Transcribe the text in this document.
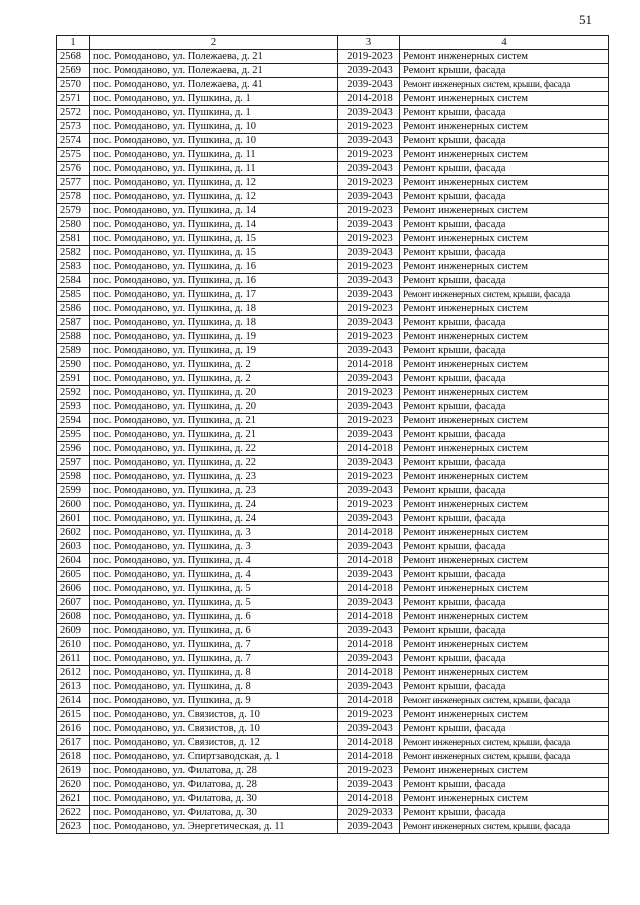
51
1	2	3	4
2568	пос. Ромоданово, ул. Полежаева, д. 21	2019-2023	Ремонт инженерных систем
2569	пос. Ромоданово, ул. Полежаева, д. 21	2039-2043	Ремонт крыши, фасада
2570	пос. Ромоданово, ул. Полежаева, д. 41	2039-2043	Ремонт инженерных систем, крыши, фасада
2571	пос. Ромоданово, ул. Пушкина, д. 1	2014-2018	Ремонт инженерных систем
2572	пос. Ромоданово, ул. Пушкина, д. 1	2039-2043	Ремонт крыши, фасада
2573	пос. Ромоданово, ул. Пушкина, д. 10	2019-2023	Ремонт инженерных систем
2574	пос. Ромоданово, ул. Пушкина, д. 10	2039-2043	Ремонт крыши, фасада
2575	пос. Ромоданово, ул. Пушкина, д. 11	2019-2023	Ремонт инженерных систем
2576	пос. Ромоданово, ул. Пушкина, д. 11	2039-2043	Ремонт крыши, фасада
2577	пос. Ромоданово, ул. Пушкина, д. 12	2019-2023	Ремонт инженерных систем
2578	пос. Ромоданово, ул. Пушкина, д. 12	2039-2043	Ремонт крыши, фасада
2579	пос. Ромоданово, ул. Пушкина, д. 14	2019-2023	Ремонт инженерных систем
2580	пос. Ромоданово, ул. Пушкина, д. 14	2039-2043	Ремонт крыши, фасада
2581	пос. Ромоданово, ул. Пушкина, д. 15	2019-2023	Ремонт инженерных систем
2582	пос. Ромоданово, ул. Пушкина, д. 15	2039-2043	Ремонт крыши, фасада
2583	пос. Ромоданово, ул. Пушкина, д. 16	2019-2023	Ремонт инженерных систем
2584	пос. Ромоданово, ул. Пушкина, д. 16	2039-2043	Ремонт крыши, фасада
2585	пос. Ромоданово, ул. Пушкина, д. 17	2039-2043	Ремонт инженерных систем, крыши, фасада
2586	пос. Ромоданово, ул. Пушкина, д. 18	2019-2023	Ремонт инженерных систем
2587	пос. Ромоданово, ул. Пушкина, д. 18	2039-2043	Ремонт крыши, фасада
2588	пос. Ромоданово, ул. Пушкина, д. 19	2019-2023	Ремонт инженерных систем
2589	пос. Ромоданово, ул. Пушкина, д. 19	2039-2043	Ремонт крыши, фасада
2590	пос. Ромоданово, ул. Пушкина, д. 2	2014-2018	Ремонт инженерных систем
2591	пос. Ромоданово, ул. Пушкина, д. 2	2039-2043	Ремонт крыши, фасада
2592	пос. Ромоданово, ул. Пушкина, д. 20	2019-2023	Ремонт инженерных систем
2593	пос. Ромоданово, ул. Пушкина, д. 20	2039-2043	Ремонт крыши, фасада
2594	пос. Ромоданово, ул. Пушкина, д. 21	2019-2023	Ремонт инженерных систем
2595	пос. Ромоданово, ул. Пушкина, д. 21	2039-2043	Ремонт крыши, фасада
2596	пос. Ромоданово, ул. Пушкина, д. 22	2014-2018	Ремонт инженерных систем
2597	пос. Ромоданово, ул. Пушкина, д. 22	2039-2043	Ремонт крыши, фасада
2598	пос. Ромоданово, ул. Пушкина, д. 23	2019-2023	Ремонт инженерных систем
2599	пос. Ромоданово, ул. Пушкина, д. 23	2039-2043	Ремонт крыши, фасада
2600	пос. Ромоданово, ул. Пушкина, д. 24	2019-2023	Ремонт инженерных систем
2601	пос. Ромоданово, ул. Пушкина, д. 24	2039-2043	Ремонт крыши, фасада
2602	пос. Ромоданово, ул. Пушкина, д. 3	2014-2018	Ремонт инженерных систем
2603	пос. Ромоданово, ул. Пушкина, д. 3	2039-2043	Ремонт крыши, фасада
2604	пос. Ромоданово, ул. Пушкина, д. 4	2014-2018	Ремонт инженерных систем
2605	пос. Ромоданово, ул. Пушкина, д. 4	2039-2043	Ремонт крыши, фасада
2606	пос. Ромоданово, ул. Пушкина, д. 5	2014-2018	Ремонт инженерных систем
2607	пос. Ромоданово, ул. Пушкина, д. 5	2039-2043	Ремонт крыши, фасада
2608	пос. Ромоданово, ул. Пушкина, д. 6	2014-2018	Ремонт инженерных систем
2609	пос. Ромоданово, ул. Пушкина, д. 6	2039-2043	Ремонт крыши, фасада
2610	пос. Ромоданово, ул. Пушкина, д. 7	2014-2018	Ремонт инженерных систем
2611	пос. Ромоданово, ул. Пушкина, д. 7	2039-2043	Ремонт крыши, фасада
2612	пос. Ромоданово, ул. Пушкина, д. 8	2014-2018	Ремонт инженерных систем
2613	пос. Ромоданово, ул. Пушкина, д. 8	2039-2043	Ремонт крыши, фасада
2614	пос. Ромоданово, ул. Пушкина, д. 9	2014-2018	Ремонт инженерных систем, крыши, фасада
2615	пос. Ромоданово, ул. Связистов, д. 10	2019-2023	Ремонт инженерных систем
2616	пос. Ромоданово, ул. Связистов, д. 10	2039-2043	Ремонт крыши, фасада
2617	пос. Ромоданово, ул. Связистов, д. 12	2014-2018	Ремонт инженерных систем, крыши, фасада
2618	пос. Ромоданово, ул. Спиртзаводская, д. 1	2014-2018	Ремонт инженерных систем, крыши, фасада
2619	пос. Ромоданово, ул. Филатова, д. 28	2019-2023	Ремонт инженерных систем
2620	пос. Ромоданово, ул. Филатова, д. 28	2039-2043	Ремонт крыши, фасада
2621	пос. Ромоданово, ул. Филатова, д. 30	2014-2018	Ремонт инженерных систем
2622	пос. Ромоданово, ул. Филатова, д. 30	2029-2033	Ремонт крыши, фасада
2623	пос. Ромоданово, ул. Энергетическая, д. 11	2039-2043	Ремонт инженерных систем, крыши, фасада
